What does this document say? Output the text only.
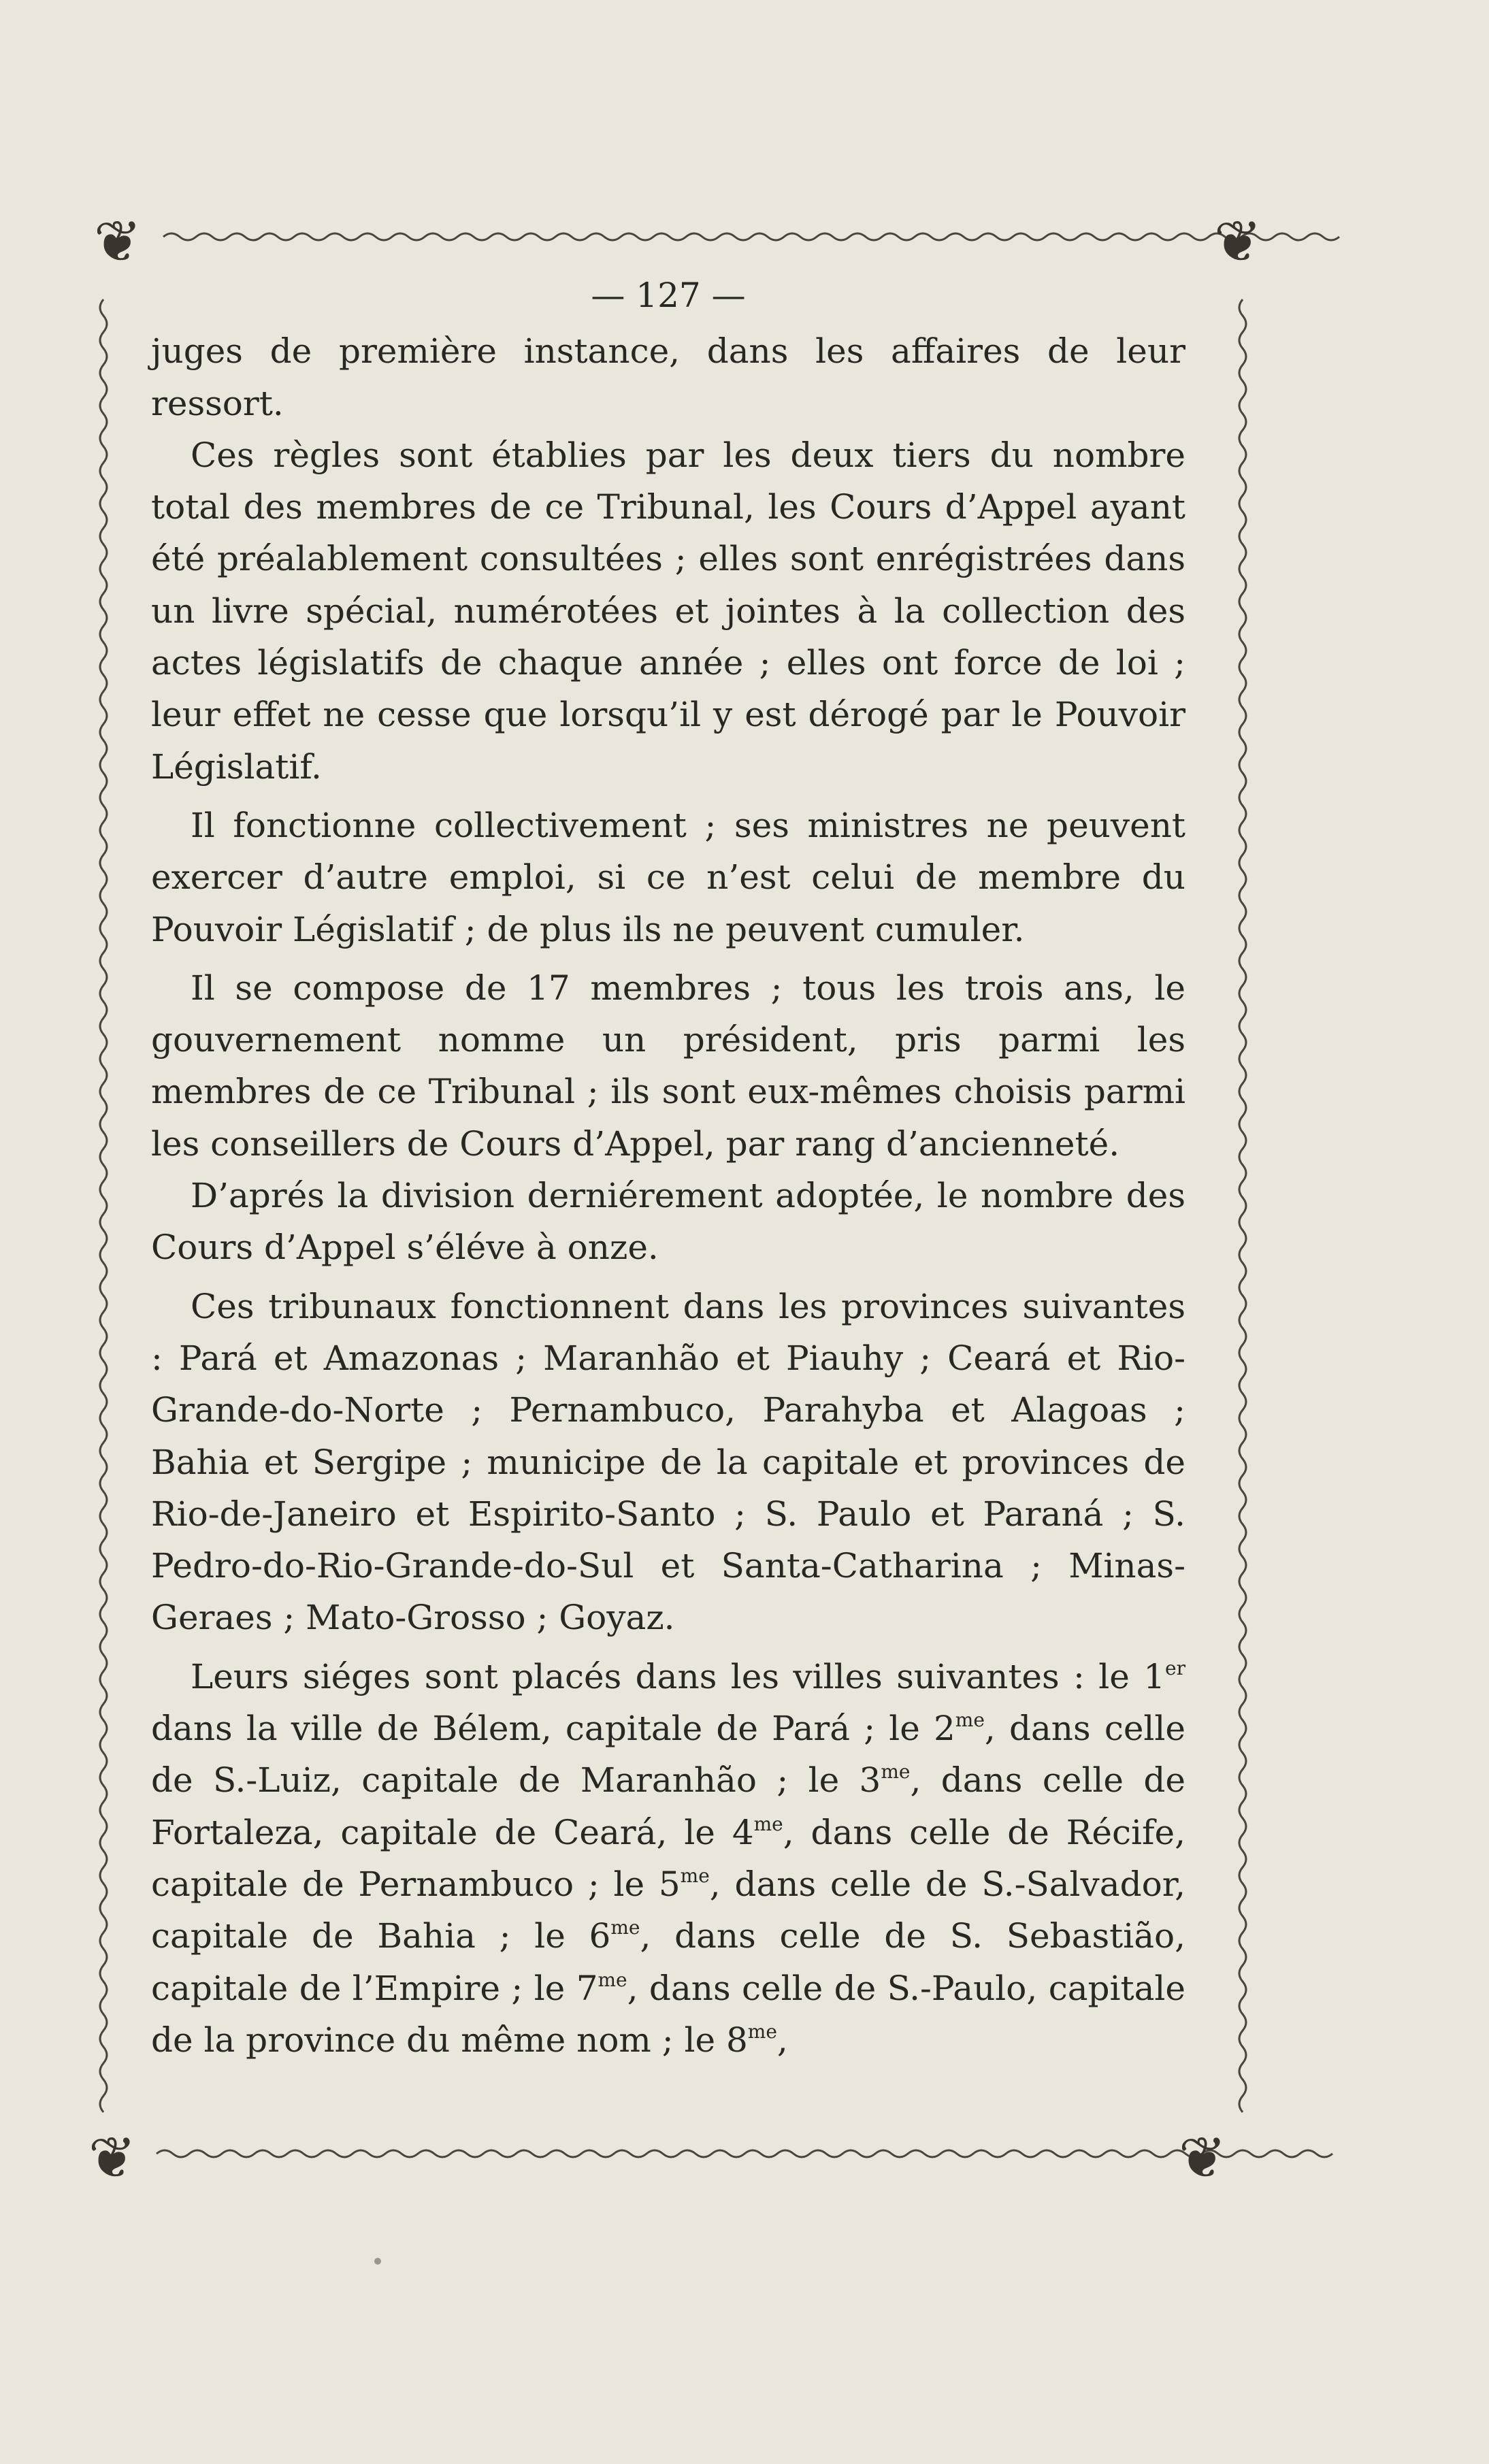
❦	❦
❦	❦

— 127 —

juges de première instance, dans les affaires de leur ressort.

Ces règles sont établies par les deux tiers du nombre total des membres de ce Tribunal, les Cours d’Appel ayant été préalablement consultées ; elles sont enrégistrées dans un livre spécial, numérotées et jointes à la collection des actes législatifs de chaque année ; elles ont force de loi ; leur effet ne cesse que lorsqu’il y est dérogé par le Pouvoir Législatif.

Il fonctionne collectivement ; ses ministres ne peuvent exercer d’autre emploi, si ce n’est celui de membre du Pouvoir Législatif ; de plus ils ne peuvent cumuler.

Il se compose de 17 membres ; tous les trois ans, le gouvernement nomme un président, pris parmi les membres de ce Tribunal ; ils sont eux-mêmes choisis parmi les conseillers de Cours d’Appel, par rang d’ancienneté.

D’aprés la division derniérement adoptée, le nombre des Cours d’Appel s’éléve à onze.

Ces tribunaux fonctionnent dans les provinces suivantes : Pará et Amazonas ; Maranhão et Piauhy ; Ceará et Rio-Grande-do-Norte ; Pernambuco, Parahyba et Alagoas ; Bahia et Sergipe ; municipe de la capitale et provinces de Rio-de-Janeiro et Espirito-Santo ; S. Paulo et Paraná ; S. Pedro-do-Rio-Grande-do-Sul et Santa-Catharina ; Minas-Geraes ; Mato-Grosso ; Goyaz.

Leurs siéges sont placés dans les villes suivantes : le 1er dans la ville de Bélem, capitale de Pará ; le $2^{me}$, dans celle de S.-Luiz, capitale de Maranhão ; le $3^{me}$, dans celle de Fortaleza, capitale de Ceará, le $4^{me}$, dans celle de Récife, capitale de Pernambuco ; le $5^{me}$, dans celle de S.-Salvador, capitale de Bahia ; le $6^{me}$, dans celle de S. Sebastião, capitale de l’Empire ; le $7^{me}$, dans celle de S.-Paulo, capitale de la province du même nom ; le $8^{me}$,
